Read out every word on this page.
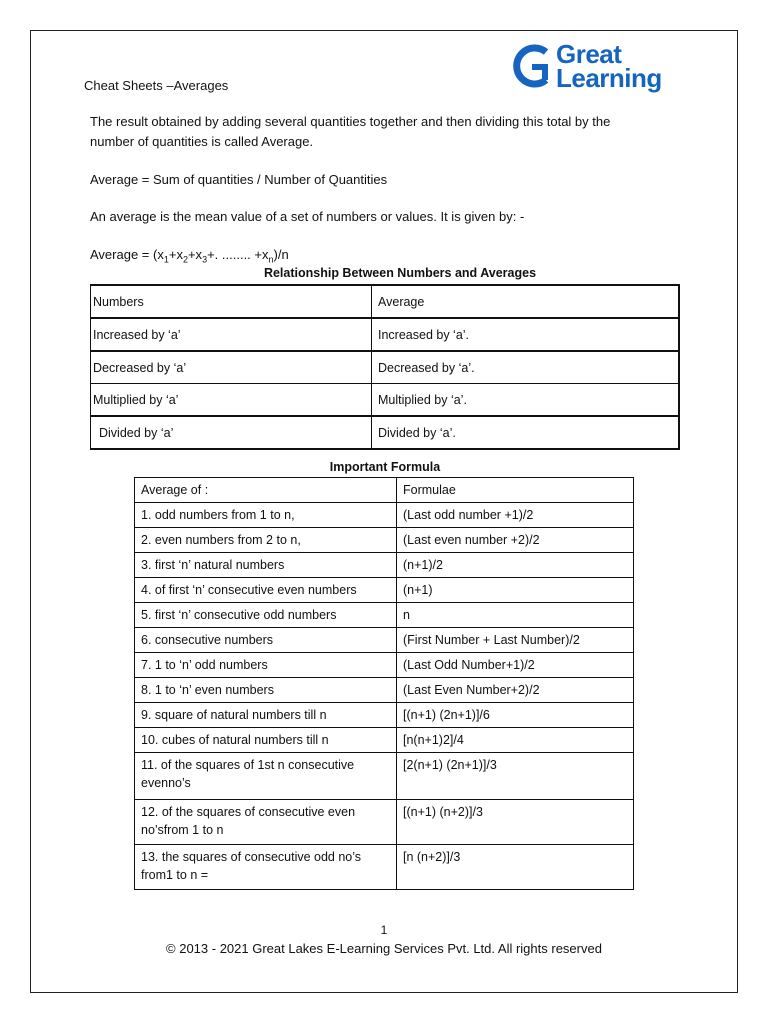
Cheat Sheets –Averages
Great
Learning
The result obtained by adding several quantities together and then dividing this total by the
number of quantities is called Average.
Average = Sum of quantities / Number of Quantities
An average is the mean value of a set of numbers or values. It is given by: -
Average = ($x_1+x_2+x_3+$. ........ $+x_n)/n$
Relationship Between Numbers and Averages
Numbers	Average
Increased by ‘a’	Increased by ‘a’.
Decreased by ‘a’	Decreased by ‘a’.
Multiplied by ‘a’	Multiplied by ‘a’.
Divided by ‘a’	Divided by ‘a’.
Important Formula
Average of :	Formulae
1. odd numbers from 1 to n,	(Last odd number +1)/2
2. even numbers from 2 to n,	(Last even number +2)/2
3. first ‘n’ natural numbers	(n+1)/2
4. of first ‘n’ consecutive even numbers	(n+1)
5. first ‘n’ consecutive odd numbers	n
6. consecutive numbers	(First Number + Last Number)/2
7. 1 to ‘n’ odd numbers	(Last Odd Number+1)/2
8. 1 to ‘n’ even numbers	(Last Even Number+2)/2
9. square of natural numbers till n	[(n+1) (2n+1)]/6
10. cubes of natural numbers till n	[n(n+1)2]/4
11. of the squares of 1st n consecutive evenno’s	[2(n+1) (2n+1)]/3
12. of the squares of consecutive even no’sfrom 1 to n	[(n+1) (n+2)]/3
13. the squares of consecutive odd no’s from1 to n =	[n (n+2)]/3
1
© 2013 - 2021 Great Lakes E-Learning Services Pvt. Ltd. All rights reserved
